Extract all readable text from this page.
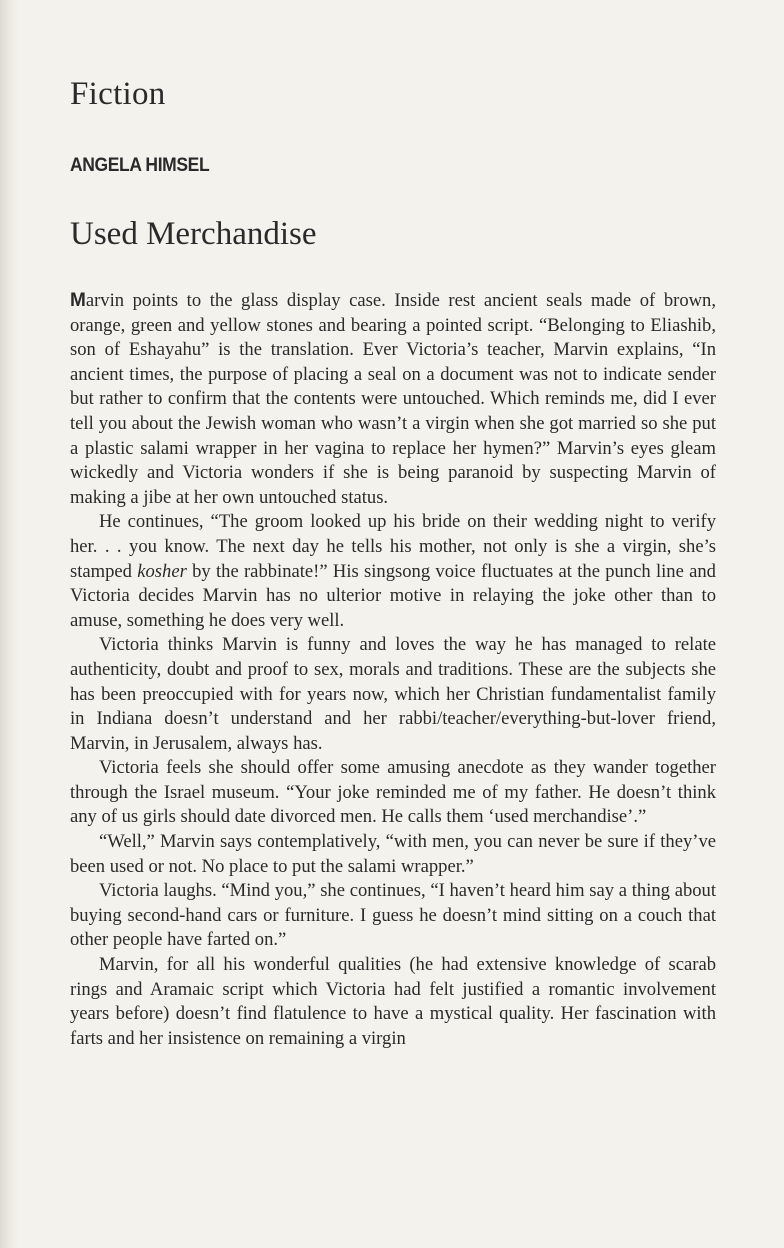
Fiction
ANGELA HIMSEL
Used Merchandise

Marvin points to the glass display case. Inside rest ancient seals made of brown, orange, green and yellow stones and bearing a pointed script. “Belonging to Eliashib, son of Eshayahu” is the translation. Ever Victoria’s teacher, Marvin explains, “In ancient times, the purpose of placing a seal on a document was not to indicate sender but rather to confirm that the contents were untouched. Which reminds me, did I ever tell you about the Jewish woman who wasn’t a virgin when she got married so she put a plastic salami wrapper in her vagina to replace her hymen?” Marvin’s eyes gleam wickedly and Victoria wonders if she is being paranoid by suspecting Marvin of making a jibe at her own untouched status.

He continues, “The groom looked up his bride on their wedding night to verify her. . . you know. The next day he tells his mother, not only is she a virgin, she’s stamped kosher by the rabbinate!” His singsong voice fluctuates at the punch line and Victoria decides Marvin has no ulterior motive in relaying the joke other than to amuse, something he does very well.

Victoria thinks Marvin is funny and loves the way he has managed to relate authenticity, doubt and proof to sex, morals and traditions. These are the subjects she has been preoccupied with for years now, which her Christian fundamentalist family in Indiana doesn’t understand and her rabbi/teacher/everything-but-lover friend, Marvin, in Jerusalem, always has.

Victoria feels she should offer some amusing anecdote as they wander together through the Israel museum. “Your joke reminded me of my father. He doesn’t think any of us girls should date divorced men. He calls them ‘used merchandise’.”

“Well,” Marvin says contemplatively, “with men, you can never be sure if they’ve been used or not. No place to put the salami wrapper.”

Victoria laughs. “Mind you,” she continues, “I haven’t heard him say a thing about buying second-hand cars or furniture. I guess he doesn’t mind sitting on a couch that other people have farted on.”

Marvin, for all his wonderful qualities (he had extensive knowledge of scarab rings and Aramaic script which Victoria had felt justified a romantic involvement years before) doesn’t find flatulence to have a mystical quality. Her fascination with farts and her insistence on remaining a virgin
